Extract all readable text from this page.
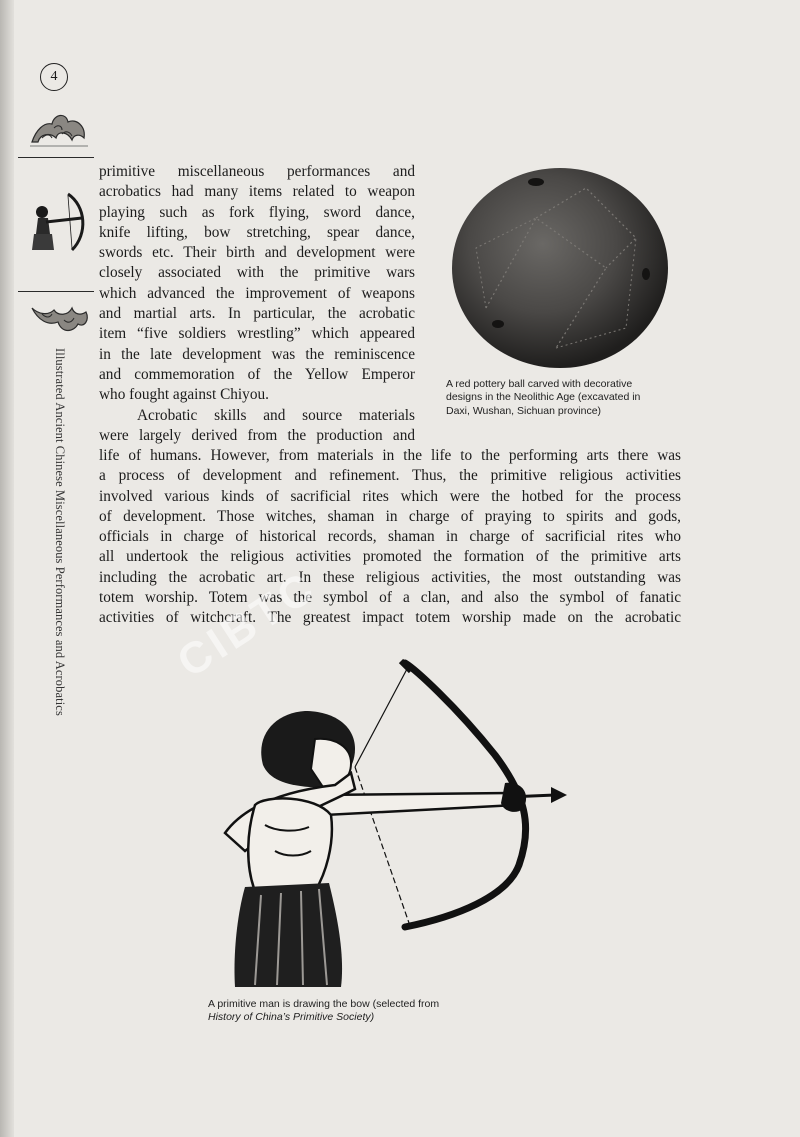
4
Illustrated Ancient Chinese Miscellaneous Performances and Acrobatics
primitive miscellaneous performances and
acrobatics had many items related to weapon
playing such as fork flying, sword dance,
knife lifting, bow stretching, spear dance,
swords etc. Their birth and development were
closely associated with the primitive wars
which advanced the improvement of weapons
and martial arts. In particular, the acrobatic
item “five soldiers wrestling” which appeared
in the late development was the reminiscence
and commemoration of the Yellow Emperor
who fought against Chiyou.
Acrobatic skills and source materials
were largely derived from the production and
life of humans. However, from materials in the life to the performing arts there was
a process of development and refinement. Thus, the primitive religious activities
involved various kinds of sacrificial rites which were the hotbed for the process
of development. Those witches, shaman in charge of praying to spirits and gods,
officials in charge of historical records, shaman in charge of sacrificial rites who
all undertook the religious activities promoted the formation of the primitive arts
including the acrobatic art. In these religious activities, the most outstanding was
totem worship. Totem was the symbol of a clan, and also the symbol of fanatic
activities of witchcraft. The greatest impact totem worship made on the acrobatic
A red pottery ball carved with decorative
designs in the Neolithic Age (excavated in
Daxi, Wushan, Sichuan province)
A primitive man is drawing the bow (selected from
History of China’s Primitive Society)
CIBTC
